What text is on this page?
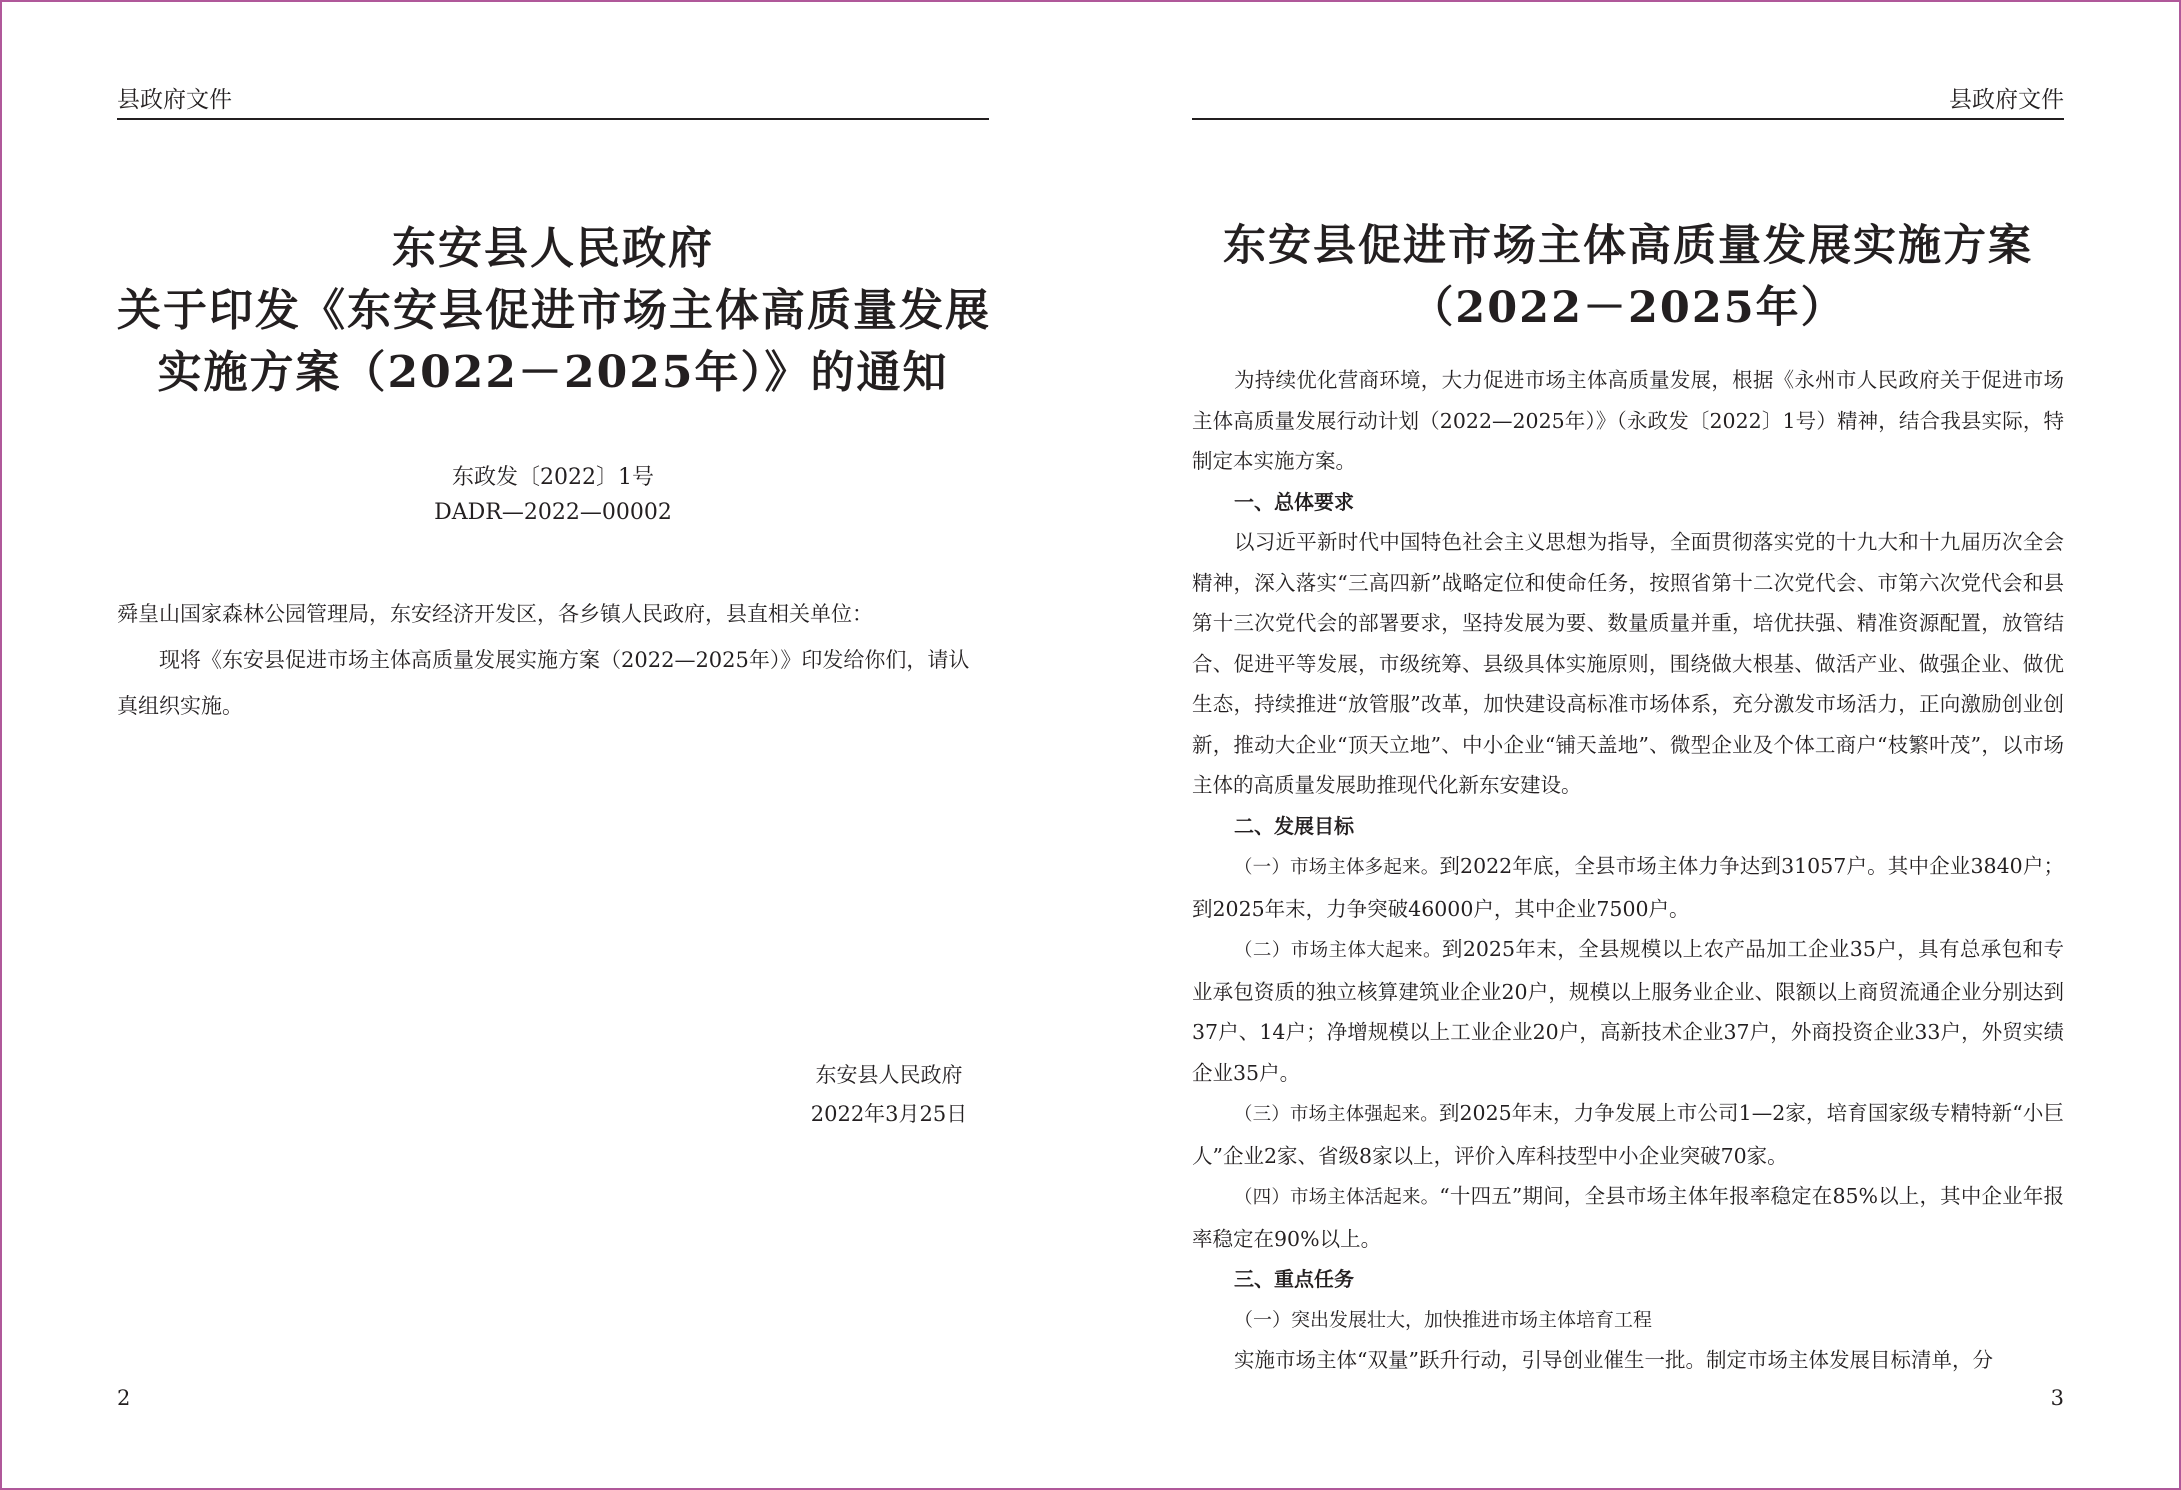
县政府文件
东安县人民政府
关于印发《东安县促进市场主体高质量发展
实施方案（2022－2025年）》的通知
东政发〔2022〕1号
DADR—2022—00002

舜皇山国家森林公园管理局，东安经济开发区，各乡镇人民政府，县直相关单位：

现将《东安县促进市场主体高质量发展实施方案（2022—2025年）》印发给你们，请认真组织实施。

东安县人民政府
2022年3月25日
2
县政府文件
东安县促进市场主体高质量发展实施方案
（2022－2025年）

为持续优化营商环境，大力促进市场主体高质量发展，根据《永州市人民政府关于促进市场主体高质量发展行动计划（2022—2025年）》（永政发〔2022〕1号）精神，结合我县实际，特制定本实施方案。

一、总体要求

以习近平新时代中国特色社会主义思想为指导，全面贯彻落实党的十九大和十九届历次全会精神，深入落实“三高四新”战略定位和使命任务，按照省第十二次党代会、市第六次党代会和县第十三次党代会的部署要求，坚持发展为要、数量质量并重，培优扶强、精准资源配置，放管结合、促进平等发展，市级统筹、县级具体实施原则，围绕做大根基、做活产业、做强企业、做优生态，持续推进“放管服”改革，加快建设高标准市场体系，充分激发市场活力，正向激励创业创新，推动大企业“顶天立地”、中小企业“铺天盖地”、微型企业及个体工商户“枝繁叶茂”，以市场主体的高质量发展助推现代化新东安建设。

二、发展目标

（一）市场主体多起来。到2022年底，全县市场主体力争达到31057户。其中企业3840户；到2025年末，力争突破46000户，其中企业7500户。

（二）市场主体大起来。到2025年末，全县规模以上农产品加工企业35户，具有总承包和专业承包资质的独立核算建筑业企业20户，规模以上服务业企业、限额以上商贸流通企业分别达到37户、14户；净增规模以上工业企业20户，高新技术企业37户，外商投资企业33户，外贸实绩企业35户。

（三）市场主体强起来。到2025年末，力争发展上市公司1—2家，培育国家级专精特新“小巨人”企业2家、省级8家以上，评价入库科技型中小企业突破70家。

（四）市场主体活起来。“十四五”期间，全县市场主体年报率稳定在85%以上，其中企业年报率稳定在90%以上。

三、重点任务

（一）突出发展壮大，加快推进市场主体培育工程

实施市场主体“双量”跃升行动，引导创业催生一批。制定市场主体发展目标清单，分

3
